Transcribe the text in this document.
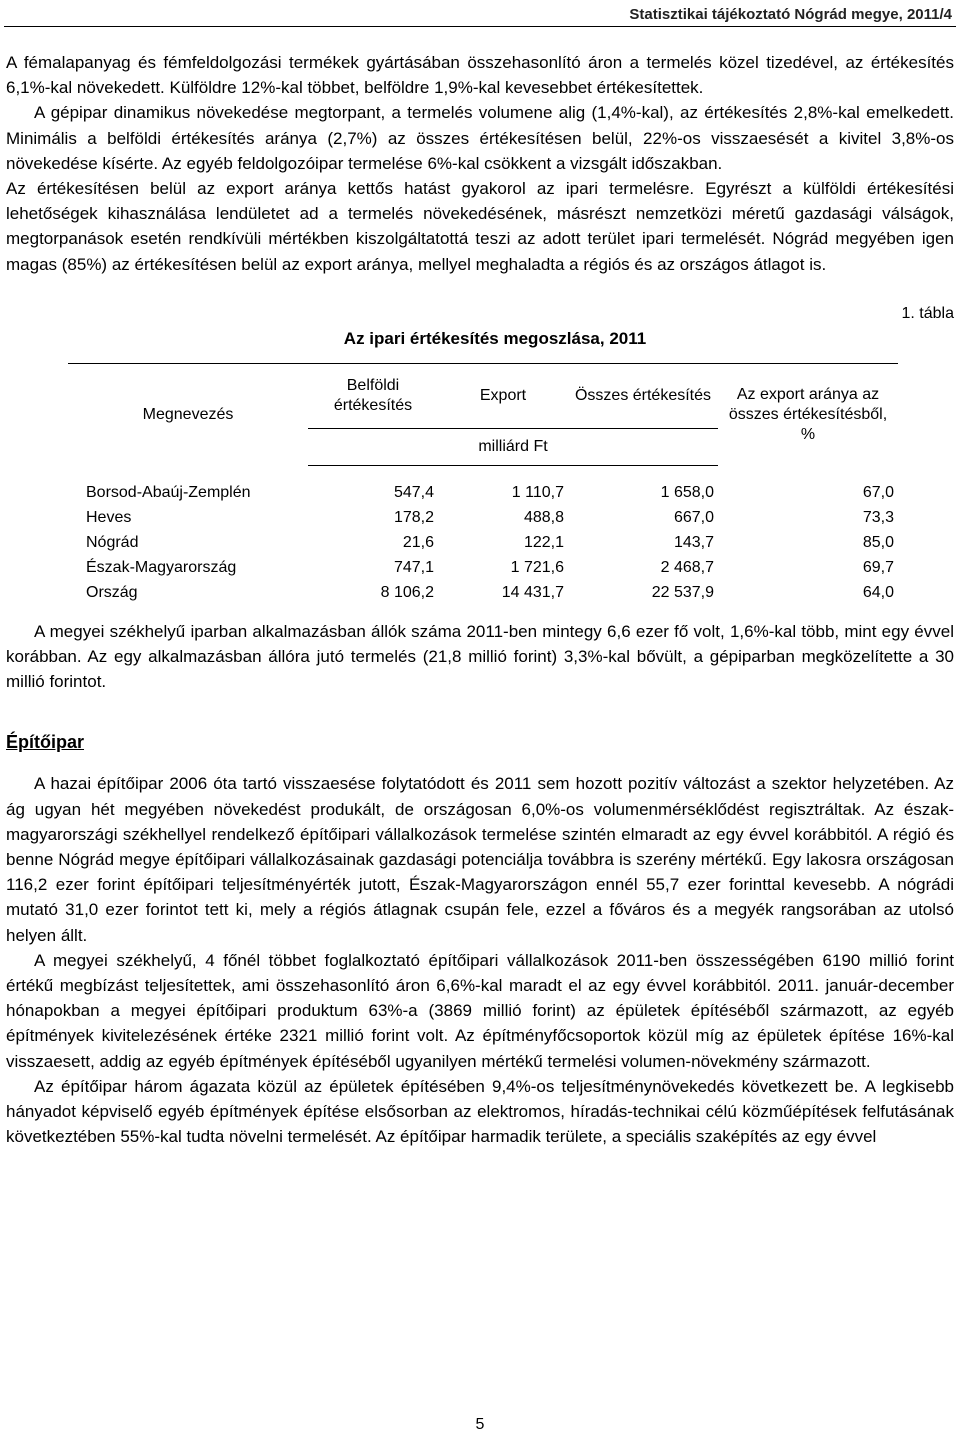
Statisztikai tájékoztató Nógrád megye, 2011/4

A fémalapanyag és fémfeldolgozási termékek gyártásában összehasonlító áron a termelés közel tizedével, az értékesítés 6,1%-kal növekedett. Külföldre 12%-kal többet, belföldre 1,9%-kal kevesebbet értékesítettek.

A gépipar dinamikus növekedése megtorpant, a termelés volumene alig (1,4%-kal), az értékesítés 2,8%-kal emelkedett. Minimális a belföldi értékesítés aránya (2,7%) az összes értékesítésen belül, 22%-os visszaesését a kivitel 3,8%-os növekedése kísérte. Az egyéb feldolgozóipar termelése 6%-kal csökkent a vizsgált időszakban.

Az értékesítésen belül az export aránya kettős hatást gyakorol az ipari termelésre. Egyrészt a külföldi értékesítési lehetőségek kihasználása lendületet ad a termelés növekedésének, másrészt nemzetközi méretű gazdasági válságok, megtorpanások esetén rendkívüli mértékben kiszolgáltatottá teszi az adott terület ipari termelését. Nógrád megyében igen magas (85%) az értékesítésen belül az export aránya, mellyel meghaladta a régiós és az országos átlagot is.

1. tábla
Az ipari értékesítés megoszlása, 2011
Megnevezés	Belföldi értékesítés	Export	Összes értékesítés	Az export aránya az összes értékesítésből, %
	milliárd Ft			
Borsod-Abaúj-Zemplén	547,4	1 110,7	1 658,0	67,0
Heves	178,2	488,8	667,0	73,3
Nógrád	21,6	122,1	143,7	85,0
Észak-Magyarország	747,1	1 721,6	2 468,7	69,7
Ország	8 106,2	14 431,7	22 537,9	64,0

A megyei székhelyű iparban alkalmazásban állók száma 2011-ben mintegy 6,6 ezer fő volt, 1,6%-kal több, mint egy évvel korábban. Az egy alkalmazásban állóra jutó termelés (21,8 millió forint) 3,3%-kal bővült, a gépiparban megközelítette a 30 millió forintot.

Építőipar

A hazai építőipar 2006 óta tartó visszaesése folytatódott és 2011 sem hozott pozitív változást a szektor helyzetében. Az ág ugyan hét megyében növekedést produkált, de országosan 6,0%-os volumenmérséklődést regisztráltak. Az észak-magyarországi székhellyel rendelkező építőipari vállalkozások termelése szintén elmaradt az egy évvel korábbitól. A régió és benne Nógrád megye építőipari vállalkozásainak gazdasági potenciálja továbbra is szerény mértékű. Egy lakosra országosan 116,2 ezer forint építőipari teljesítményérték jutott, Észak-Magyarországon ennél 55,7 ezer forinttal kevesebb. A nógrádi mutató 31,0 ezer forintot tett ki, mely a régiós átlagnak csupán fele, ezzel a főváros és a megyék rangsorában az utolsó helyen állt.

A megyei székhelyű, 4 főnél többet foglalkoztató építőipari vállalkozások 2011-ben összességében 6190 millió forint értékű megbízást teljesítettek, ami összehasonlító áron 6,6%-kal maradt el az egy évvel korábbitól. 2011. január-december hónapokban a megyei építőipari produktum 63%-a (3869 millió forint) az épületek építéséből származott, az egyéb építmények kivitelezésének értéke 2321 millió forint volt. Az építményfőcsoportok közül míg az épületek építése 16%-kal visszaesett, addig az egyéb építmények építéséből ugyanilyen mértékű termelési volumen-növekmény származott.

Az építőipar három ágazata közül az épületek építésében 9,4%-os teljesítménynövekedés következett be. A legkisebb hányadot képviselő egyéb építmények építése elsősorban az elektromos, híradás-technikai célú közműépítések felfutásának következtében 55%-kal tudta növelni termelését. Az építőipar harmadik területe, a speciális szaképítés az egy évvel

5
